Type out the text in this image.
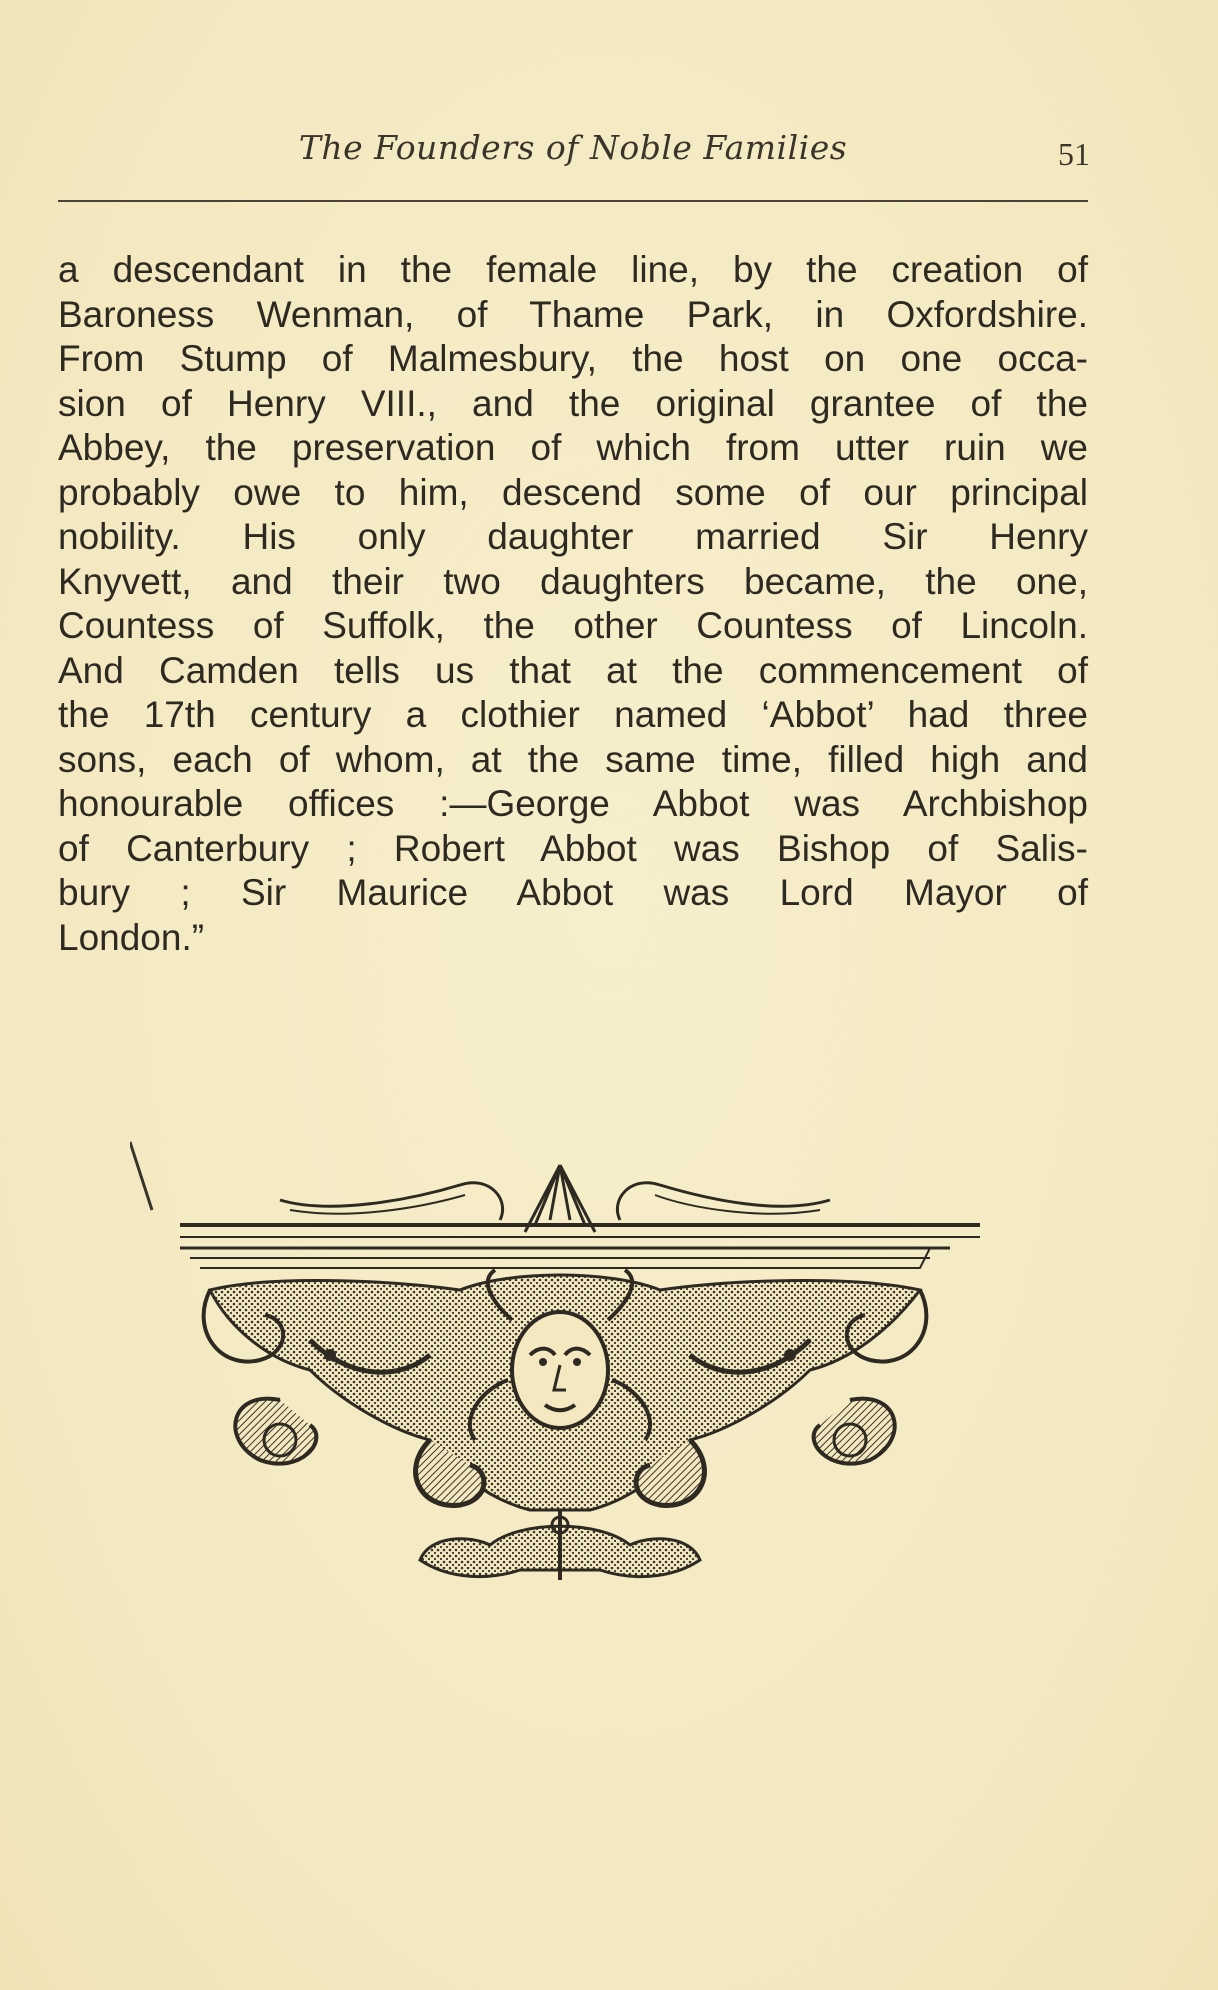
The Founders of Noble Families	51
a descendant in the female line, by the creation of
Baroness Wenman, of Thame Park, in Oxfordshire.
From Stump of Malmesbury, the host on one occa-
sion of Henry VIII., and the original grantee of the
Abbey, the preservation of which from utter ruin we
probably owe to him, descend some of our principal
nobility. His only daughter married Sir Henry
Knyvett, and their two daughters became, the one,
Countess of Suffolk, the other Countess of Lincoln.
And Camden tells us that at the commencement of
the 17th century a clothier named ‘Abbot’ had three
sons, each of whom, at the same time, filled high and
honourable offices :—George Abbot was Archbishop
of Canterbury ; Robert Abbot was Bishop of Salis-
bury ; Sir Maurice Abbot was Lord Mayor of
London.”
